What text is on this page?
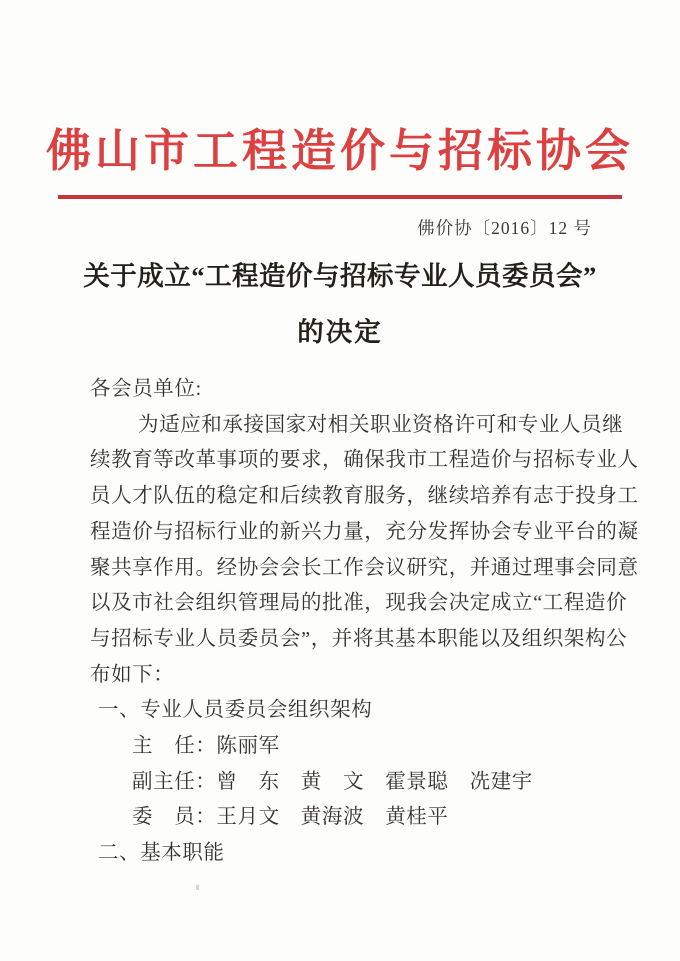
佛山市工程造价与招标协会
佛价协〔2016〕12 号
关于成立“工程造价与招标专业人员委员会”
的决定
各会员单位:
为适应和承接国家对相关职业资格许可和专业人员继
续教育等改革事项的要求，确保我市工程造价与招标专业人
员人才队伍的稳定和后续教育服务，继续培养有志于投身工
程造价与招标行业的新兴力量，充分发挥协会专业平台的凝
聚共享作用。经协会会长工作会议研究，并通过理事会同意
以及市社会组织管理局的批准，现我会决定成立“工程造价
与招标专业人员委员会”，并将其基本职能以及组织架构公
布如下：
一、专业人员委员会组织架构
主　任：陈丽军
副主任：曾　东　黄　文　霍景聪　冼建宇
委　员：王月文　黄海波　黄桂平
二、基本职能
